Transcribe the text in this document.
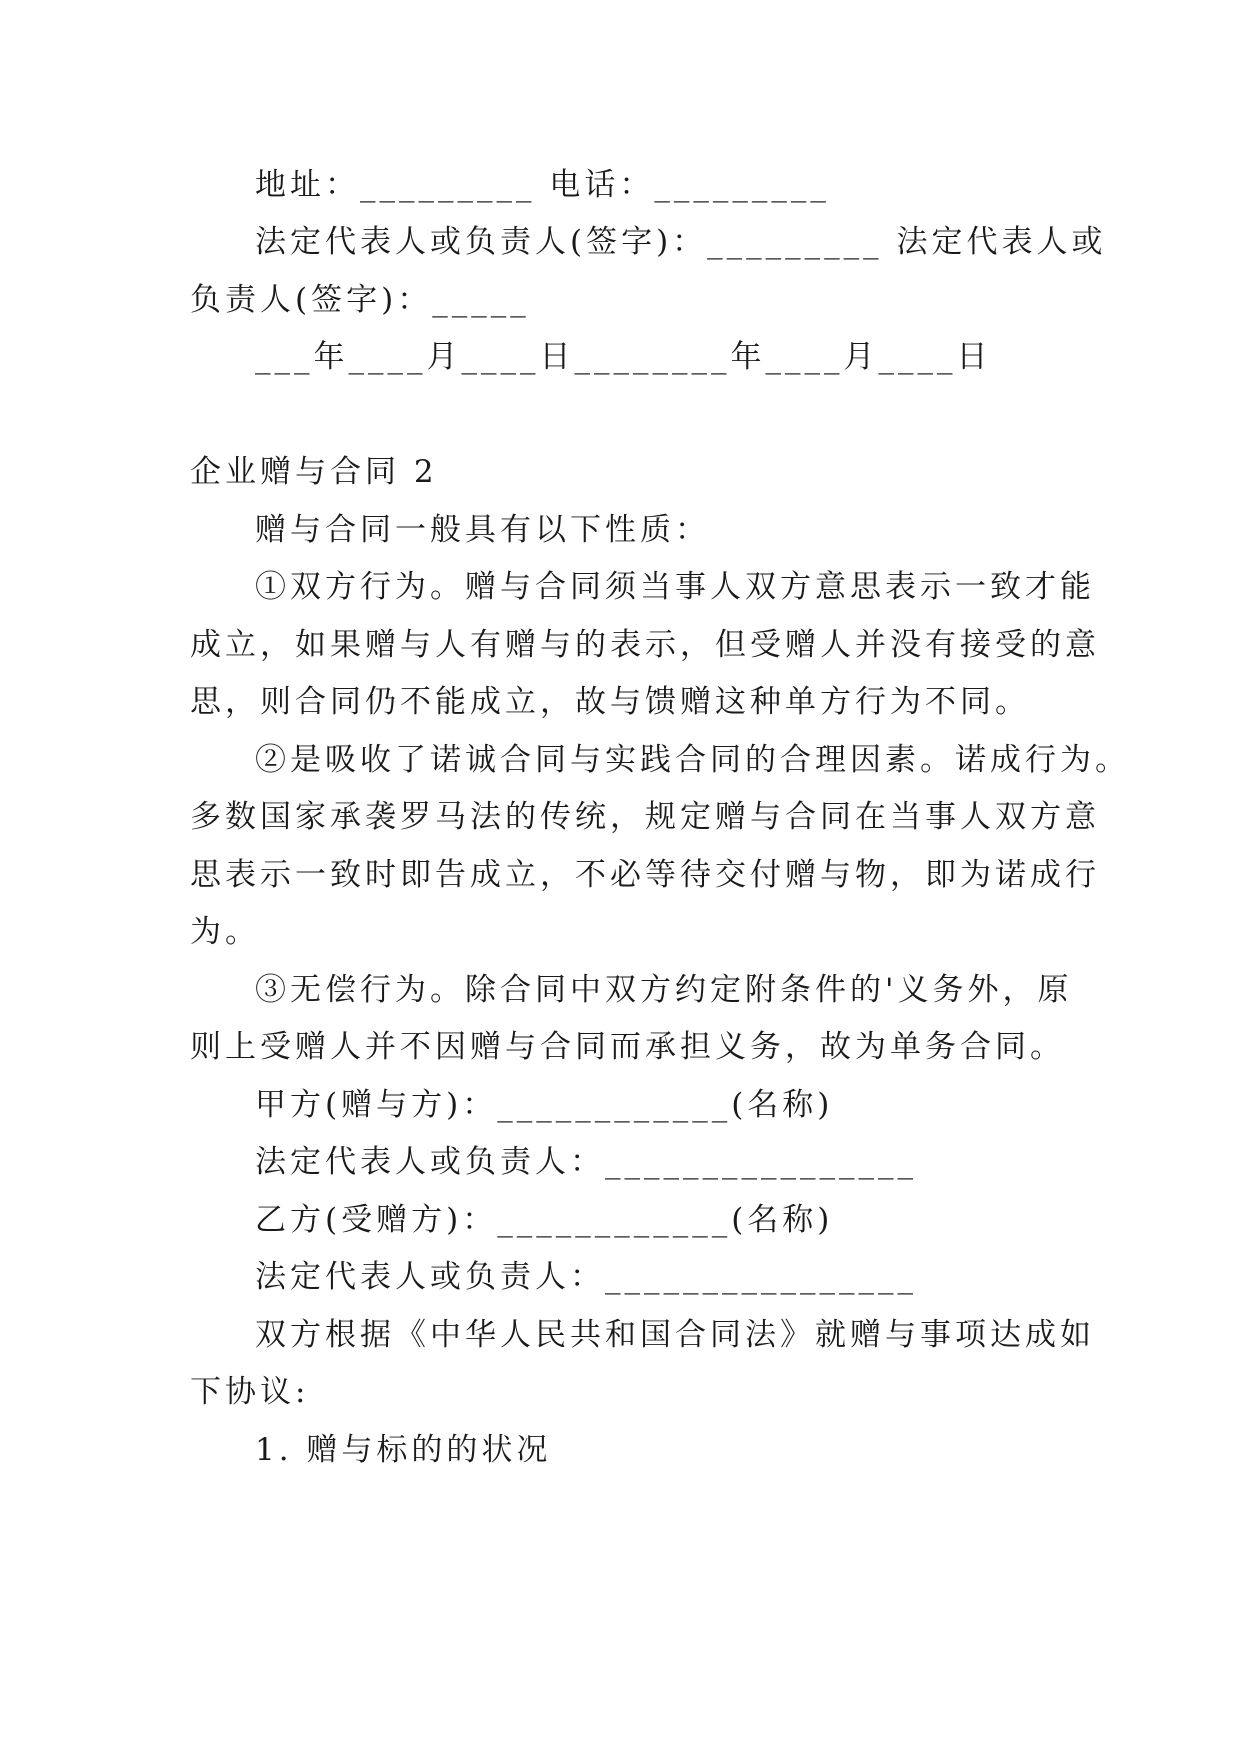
地址：_________ 电话：_________
法定代表人或负责人(签字)：_________ 法定代表人或
负责人(签字)：_____
___年____月____日________年____月____日
企业赠与合同 2
赠与合同一般具有以下性质：
①双方行为。赠与合同须当事人双方意思表示一致才能
成立，如果赠与人有赠与的表示，但受赠人并没有接受的意
思，则合同仍不能成立，故与馈赠这种单方行为不同。
②是吸收了诺诚合同与实践合同的合理因素。诺成行为。
多数国家承袭罗马法的传统，规定赠与合同在当事人双方意
思表示一致时即告成立，不必等待交付赠与物，即为诺成行
为。
③无偿行为。除合同中双方约定附条件的'义务外，原
则上受赠人并不因赠与合同而承担义务，故为单务合同。
甲方(赠与方)：____________(名称)
法定代表人或负责人：________________
乙方(受赠方)：____________(名称)
法定代表人或负责人：________________
双方根据《中华人民共和国合同法》就赠与事项达成如
下协议:
1. 赠与标的的状况
